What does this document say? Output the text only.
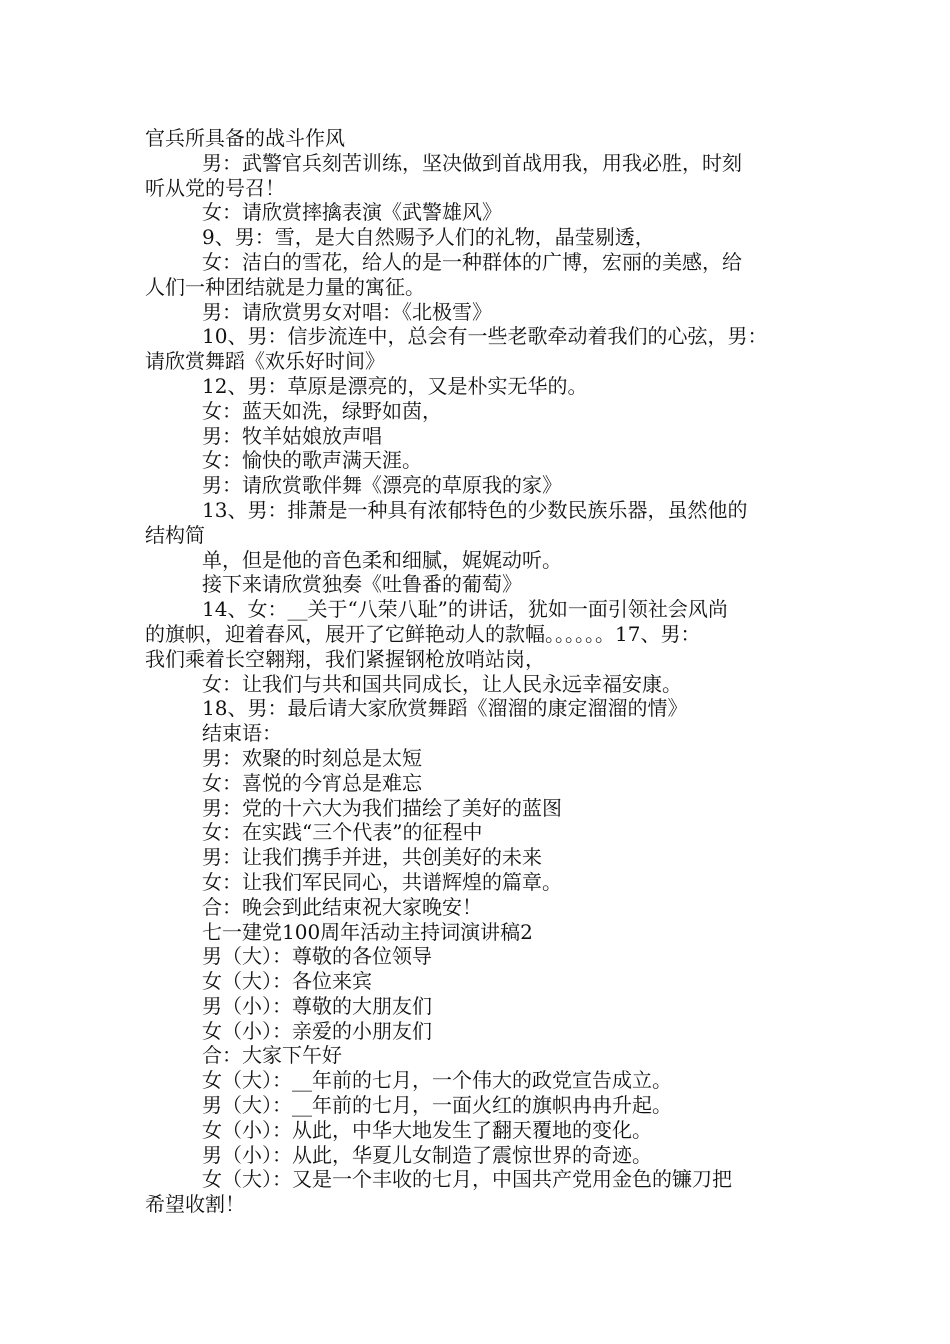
官兵所具备的战斗作风
男：武警官兵刻苦训练，坚决做到首战用我，用我必胜，时刻
听从党的号召！
女：请欣赏摔擒表演《武警雄风》
9、男：雪，是大自然赐予人们的礼物，晶莹剔透，
女：洁白的雪花，给人的是一种群体的广博，宏丽的美感，给
人们一种团结就是力量的寓征。
男：请欣赏男女对唱：《北极雪》
10、男：信步流连中，总会有一些老歌牵动着我们的心弦，男：
请欣赏舞蹈《欢乐好时间》
12、男：草原是漂亮的，又是朴实无华的。
女：蓝天如洗，绿野如茵，
男：牧羊姑娘放声唱
女：愉快的歌声满天涯。
男：请欣赏歌伴舞《漂亮的草原我的家》
13、男：排萧是一种具有浓郁特色的少数民族乐器，虽然他的
结构简
单，但是他的音色柔和细腻，娓娓动听。
接下来请欣赏独奏《吐鲁番的葡萄》
14、女：__关于“八荣八耻”的讲话，犹如一面引领社会风尚
的旗帜，迎着春风，展开了它鲜艳动人的款幅。。。。。。17、男：
我们乘着长空翱翔，我们紧握钢枪放哨站岗，
女：让我们与共和国共同成长，让人民永远幸福安康。
18、男：最后请大家欣赏舞蹈《溜溜的康定溜溜的情》
结束语：
男：欢聚的时刻总是太短
女：喜悦的今宵总是难忘
男：党的十六大为我们描绘了美好的蓝图
女：在实践“三个代表”的征程中
男：让我们携手并进，共创美好的未来
女：让我们军民同心，共谱辉煌的篇章。
合：晚会到此结束祝大家晚安！
七一建党100周年活动主持词演讲稿2
男（大）：尊敬的各位领导
女（大）：各位来宾
男（小）：尊敬的大朋友们
女（小）：亲爱的小朋友们
合：大家下午好
女（大）：__年前的七月，一个伟大的政党宣告成立。
男（大）：__年前的七月，一面火红的旗帜冉冉升起。
女（小）：从此，中华大地发生了翻天覆地的变化。
男（小）：从此，华夏儿女制造了震惊世界的奇迹。
女（大）：又是一个丰收的七月，中国共产党用金色的镰刀把
希望收割！
